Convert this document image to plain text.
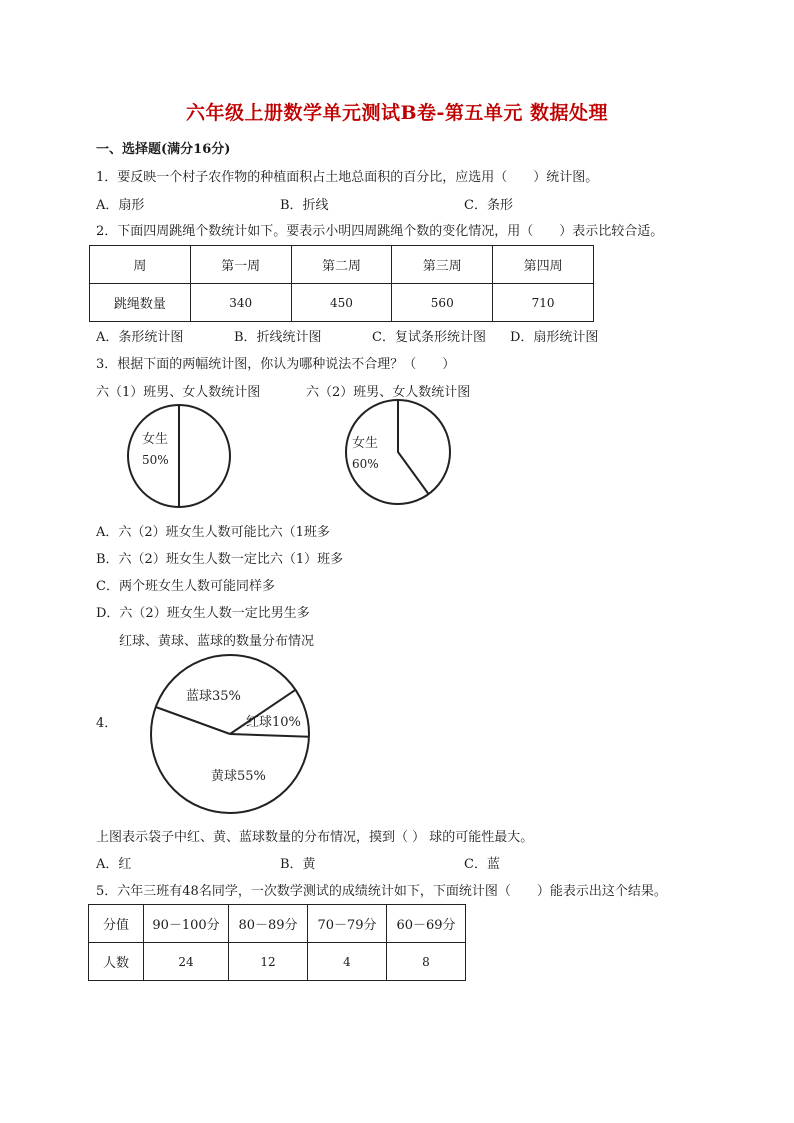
六年级上册数学单元测试B卷-第五单元 数据处理
一、选择题(满分16分)
1．要反映一个村子农作物的种植面积占土地总面积的百分比，应选用（　　）统计图。
A．扇形	B．折线	C．条形
2．下面四周跳绳个数统计如下。要表示小明四周跳绳个数的变化情况，用（　　）表示比较合适。
周	第一周	第二周	第三周	第四周
跳绳数量	340	450	560	710
A．条形统计图	B．折线统计图	C．复试条形统计图 D．扇形统计图
3．根据下面的两幅统计图，你认为哪种说法不合理？（　　）
六（1）班男、女人数统计图	六（2）班男、女人数统计图
女生
50%
女生
60%
A．六（2）班女生人数可能比六（1班多
B．六（2）班女生人数一定比六（1）班多
C．两个班女生人数可能同样多
D．六（2）班女生人数一定比男生多
红球、黄球、蓝球的数量分布情况
4．
蓝球35%
红球10%
黄球55%
上图表示袋子中红、黄、蓝球数量的分布情况，摸到（ ） 球的可能性最大。
A．红	B．黄	C．蓝
5．六年三班有48名同学，一次数学测试的成绩统计如下，下面统计图（　　）能表示出这个结果。
分值	90－100分	80－89分	70－79分	60－69分
人数	24	12	4	8
